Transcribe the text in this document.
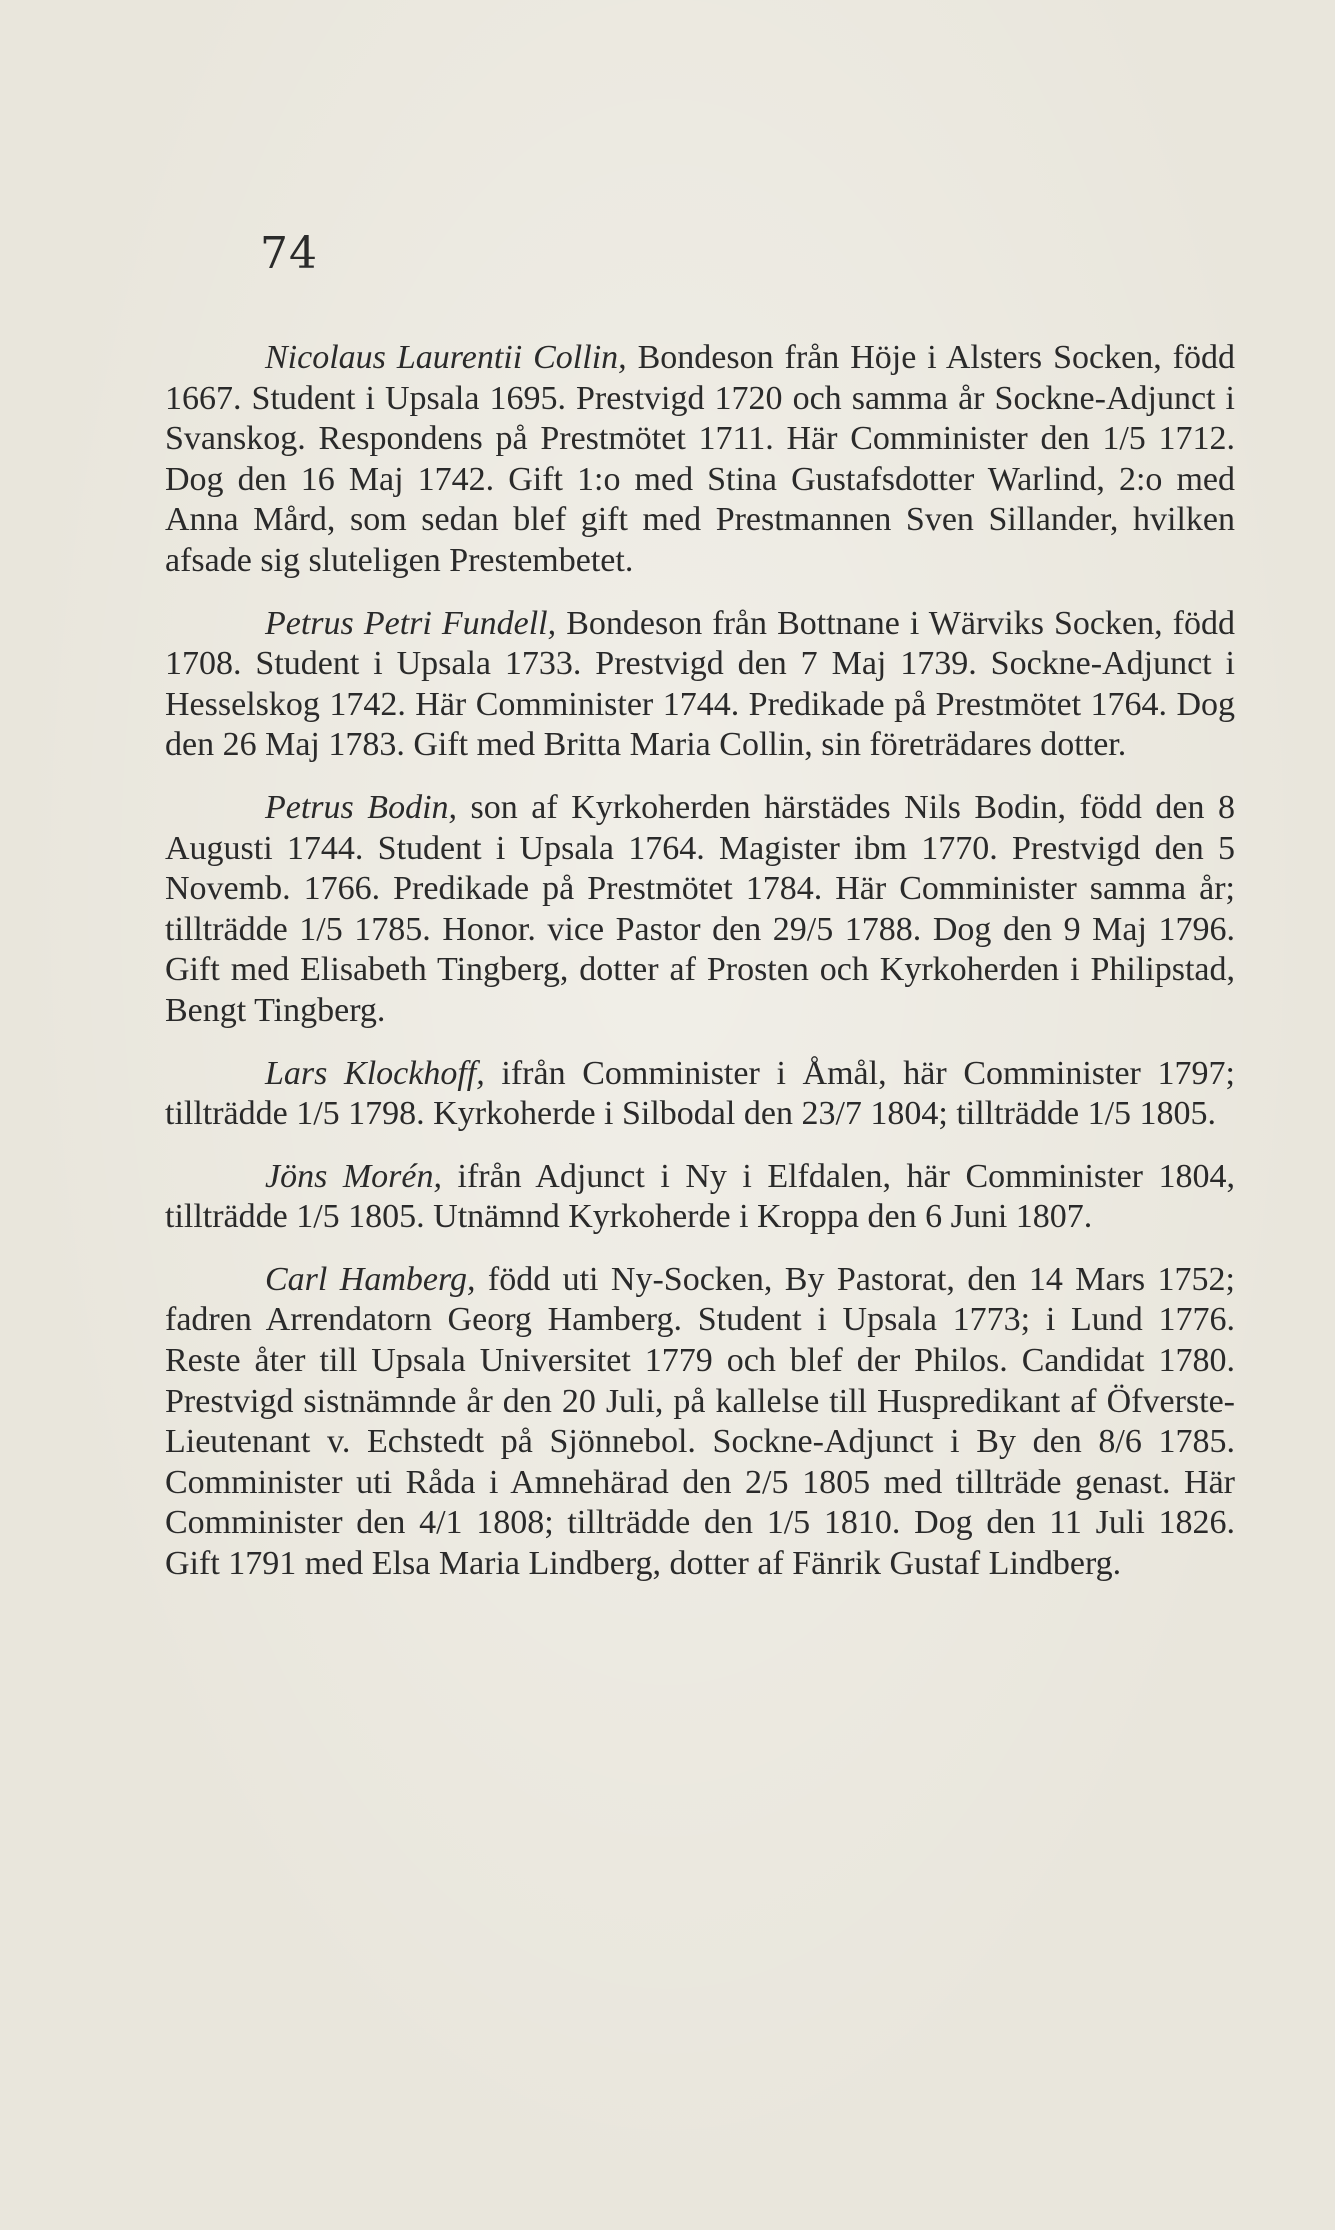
74

Nicolaus Laurentii Collin, Bondeson från Höje i Alsters Socken, född 1667. Student i Upsala 1695. Prestvigd 1720 och samma år Sockne-Adjunct i Svanskog. Respondens på Prestmötet 1711. Här Comminister den 1/5 1712. Dog den 16 Maj 1742. Gift 1:o med Stina Gustafsdotter Warlind, 2:o med Anna Mård, som sedan blef gift med Prestmannen Sven Sillander, hvilken afsade sig sluteligen Prestembetet.

Petrus Petri Fundell, Bondeson från Bottnane i Wärviks Socken, född 1708. Student i Upsala 1733. Prestvigd den 7 Maj 1739. Sockne-Adjunct i Hesselskog 1742. Här Comminister 1744. Predikade på Prestmötet 1764. Dog den 26 Maj 1783. Gift med Britta Maria Collin, sin företrädares dotter.

Petrus Bodin, son af Kyrkoherden härstädes Nils Bodin, född den 8 Augusti 1744. Student i Upsala 1764. Magister ibm 1770. Prestvigd den 5 Novemb. 1766. Predikade på Prestmötet 1784. Här Comminister samma år; tillträdde 1/5 1785. Honor. vice Pastor den 29/5 1788. Dog den 9 Maj 1796. Gift med Elisabeth Tingberg, dotter af Prosten och Kyrkoherden i Philipstad, Bengt Tingberg.

Lars Klockhoff, ifrån Comminister i Åmål, här Comminister 1797; tillträdde 1/5 1798. Kyrkoherde i Silbodal den 23/7 1804; tillträdde 1/5 1805.

Jöns Morén, ifrån Adjunct i Ny i Elfdalen, här Comminister 1804, tillträdde 1/5 1805. Utnämnd Kyrkoherde i Kroppa den 6 Juni 1807.

Carl Hamberg, född uti Ny-Socken, By Pastorat, den 14 Mars 1752; fadren Arrendatorn Georg Hamberg. Student i Upsala 1773; i Lund 1776. Reste åter till Upsala Universitet 1779 och blef der Philos. Candidat 1780. Prestvigd sistnämnde år den 20 Juli, på kallelse till Huspredikant af Öfverste-Lieutenant v. Echstedt på Sjönnebol. Sockne-Adjunct i By den 8/6 1785. Comminister uti Råda i Amnehärad den 2/5 1805 med tillträde genast. Här Comminister den 4/1 1808; tillträdde den 1/5 1810. Dog den 11 Juli 1826. Gift 1791 med Elsa Maria Lindberg, dotter af Fänrik Gustaf Lindberg.
